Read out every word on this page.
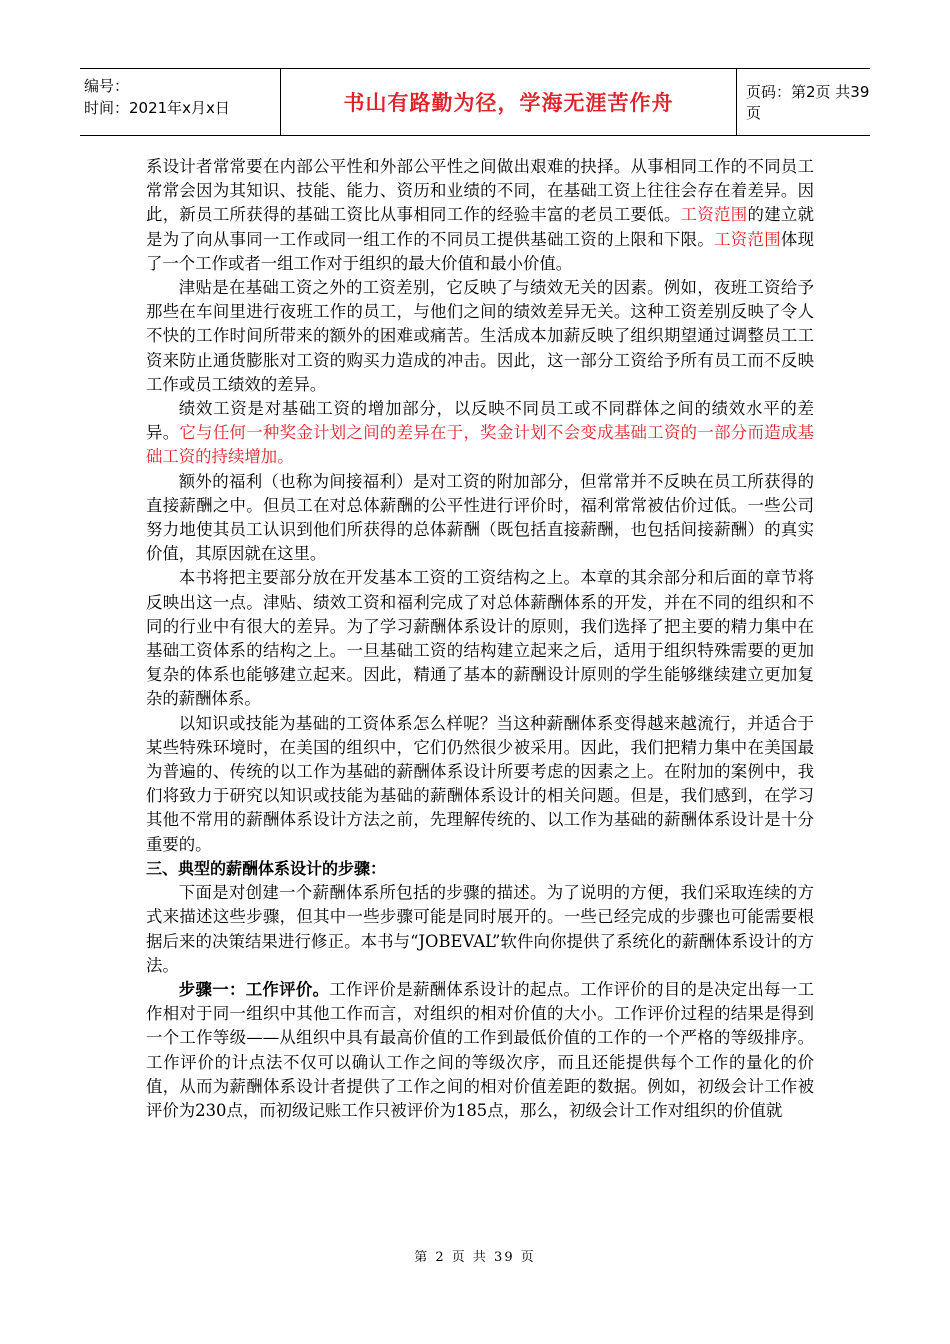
编号：
时间：2021年x月x日	书山有路勤为径，学海无涯苦作舟	页码：第2页 共39页

系设计者常常要在内部公平性和外部公平性之间做出艰难的抉择。从事相同工作的不同员工常常会因为其知识、技能、能力、资历和业绩的不同，在基础工资上往往会存在着差异。因此，新员工所获得的基础工资比从事相同工作的经验丰富的老员工要低。工资范围的建立就是为了向从事同一工作或同一组工作的不同员工提供基础工资的上限和下限。工资范围体现了一个工作或者一组工作对于组织的最大价值和最小价值。

津贴是在基础工资之外的工资差别，它反映了与绩效无关的因素。例如，夜班工资给予那些在车间里进行夜班工作的员工，与他们之间的绩效差异无关。这种工资差别反映了令人不快的工作时间所带来的额外的困难或痛苦。生活成本加薪反映了组织期望通过调整员工工资来防止通货膨胀对工资的购买力造成的冲击。因此，这一部分工资给予所有员工而不反映工作或员工绩效的差异。

绩效工资是对基础工资的增加部分，以反映不同员工或不同群体之间的绩效水平的差异。它与任何一种奖金计划之间的差异在于，奖金计划不会变成基础工资的一部分而造成基础工资的持续增加。

额外的福利（也称为间接福利）是对工资的附加部分，但常常并不反映在员工所获得的直接薪酬之中。但员工在对总体薪酬的公平性进行评价时，福利常常被估价过低。一些公司努力地使其员工认识到他们所获得的总体薪酬（既包括直接薪酬，也包括间接薪酬）的真实价值，其原因就在这里。

本书将把主要部分放在开发基本工资的工资结构之上。本章的其余部分和后面的章节将反映出这一点。津贴、绩效工资和福利完成了对总体薪酬体系的开发，并在不同的组织和不同的行业中有很大的差异。为了学习薪酬体系设计的原则，我们选择了把主要的精力集中在基础工资体系的结构之上。一旦基础工资的结构建立起来之后，适用于组织特殊需要的更加复杂的体系也能够建立起来。因此，精通了基本的薪酬设计原则的学生能够继续建立更加复杂的薪酬体系。

以知识或技能为基础的工资体系怎么样呢？当这种薪酬体系变得越来越流行，并适合于某些特殊环境时，在美国的组织中，它们仍然很少被采用。因此，我们把精力集中在美国最为普遍的、传统的以工作为基础的薪酬体系设计所要考虑的因素之上。在附加的案例中，我们将致力于研究以知识或技能为基础的薪酬体系设计的相关问题。但是，我们感到，在学习其他不常用的薪酬体系设计方法之前，先理解传统的、以工作为基础的薪酬体系设计是十分重要的。

三、典型的薪酬体系设计的步骤：

下面是对创建一个薪酬体系所包括的步骤的描述。为了说明的方便，我们采取连续的方式来描述这些步骤，但其中一些步骤可能是同时展开的。一些已经完成的步骤也可能需要根据后来的决策结果进行修正。本书与“JOBEVAL”软件向你提供了系统化的薪酬体系设计的方法。

步骤一：工作评价。工作评价是薪酬体系设计的起点。工作评价的目的是决定出每一工作相对于同一组织中其他工作而言，对组织的相对价值的大小。工作评价过程的结果是得到一个工作等级——从组织中具有最高价值的工作到最低价值的工作的一个严格的等级排序。工作评价的计点法不仅可以确认工作之间的等级次序，而且还能提供每个工作的量化的价值，从而为薪酬体系设计者提供了工作之间的相对价值差距的数据。例如，初级会计工作被评价为230点，而初级记账工作只被评价为185点，那么，初级会计工作对组织的价值就

第 2 页 共 39 页
